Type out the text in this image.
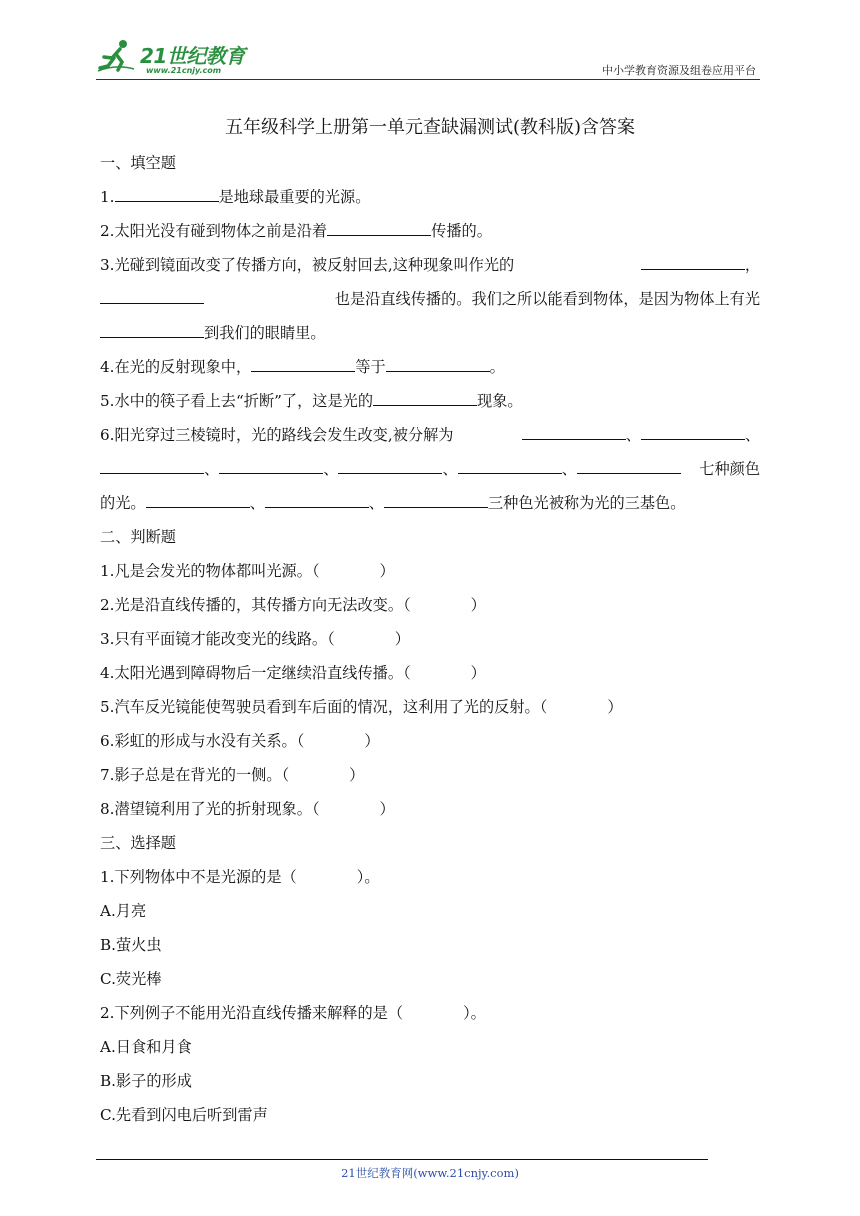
21世纪教育
www.21cnjy.com	中小学教育资源及组卷应用平台
五年级科学上册第一单元查缺漏测试(教科版)含答案
一、填空题
1.	是地球最重要的光源。
2.太阳光没有碰到物体之前是沿着	传播的。
3.光碰到镜面改变了传播方向，被反射回去,这种现象叫作光的	，
也是沿直线传播的。我们之所以能看到物体，是因为物体上有光
到我们的眼睛里。
4.在光的反射现象中，	等于	。
5.水中的筷子看上去“折断”了，这是光的	现象。
6.阳光穿过三棱镜时，光的路线会发生改变,被分解为	、	、
、	、	、	、	七种颜色
的光。	、	、	三种色光被称为光的三基色。
二、判断题
1.凡是会发光的物体都叫光源。（	）
2.光是沿直线传播的，其传播方向无法改变。（	）
3.只有平面镜才能改变光的线路。（	）
4.太阳光遇到障碍物后一定继续沿直线传播。（	）
5.汽车反光镜能使驾驶员看到车后面的情况，这利用了光的反射。（	）
6.彩虹的形成与水没有关系。（	）
7.影子总是在背光的一侧。（	）
8.潜望镜利用了光的折射现象。（	）
三、选择题
1.下列物体中不是光源的是（	）。
A.月亮
B.萤火虫
C.荧光棒
2.下列例子不能用光沿直线传播来解释的是（	）。
A.日食和月食
B.影子的形成
C.先看到闪电后听到雷声
21世纪教育网(www.21cnjy.com)
